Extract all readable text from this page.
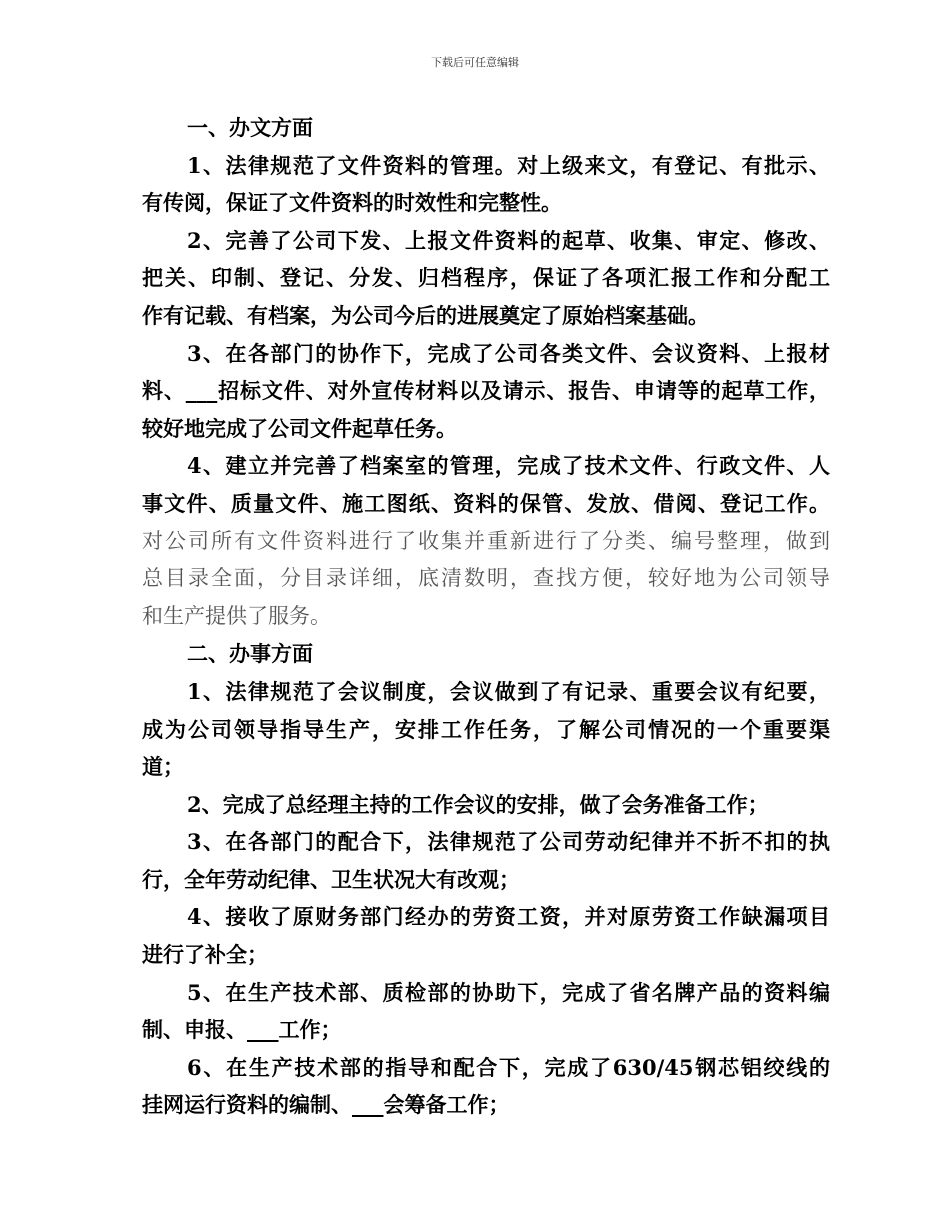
下载后可任意编辑
一、办文方面
1、法律规范了文件资料的管理。对上级来文，有登记、有批示、
有传阅，保证了文件资料的时效性和完整性。
2、完善了公司下发、上报文件资料的起草、收集、审定、修改、
把关、印制、登记、分发、归档程序，保证了各项汇报工作和分配工
作有记载、有档案，为公司今后的进展奠定了原始档案基础。
3、在各部门的协作下，完成了公司各类文件、会议资料、上报材
料、___招标文件、对外宣传材料以及请示、报告、申请等的起草工作，
较好地完成了公司文件起草任务。
4、建立并完善了档案室的管理，完成了技术文件、行政文件、人
事文件、质量文件、施工图纸、资料的保管、发放、借阅、登记工作。
对公司所有文件资料进行了收集并重新进行了分类、编号整理，做到
总目录全面，分目录详细，底清数明，查找方便，较好地为公司领导
和生产提供了服务。
二、办事方面
1、法律规范了会议制度，会议做到了有记录、重要会议有纪要，
成为公司领导指导生产，安排工作任务，了解公司情况的一个重要渠
道；
2、完成了总经理主持的工作会议的安排，做了会务准备工作；
3、在各部门的配合下，法律规范了公司劳动纪律并不折不扣的执
行，全年劳动纪律、卫生状况大有改观；
4、接收了原财务部门经办的劳资工资，并对原劳资工作缺漏项目
进行了补全；
5、在生产技术部、质检部的协助下，完成了省名牌产品的资料编
制、申报、___工作；
6、在生产技术部的指导和配合下，完成了630/45钢芯铝绞线的
挂网运行资料的编制、___会筹备工作；
